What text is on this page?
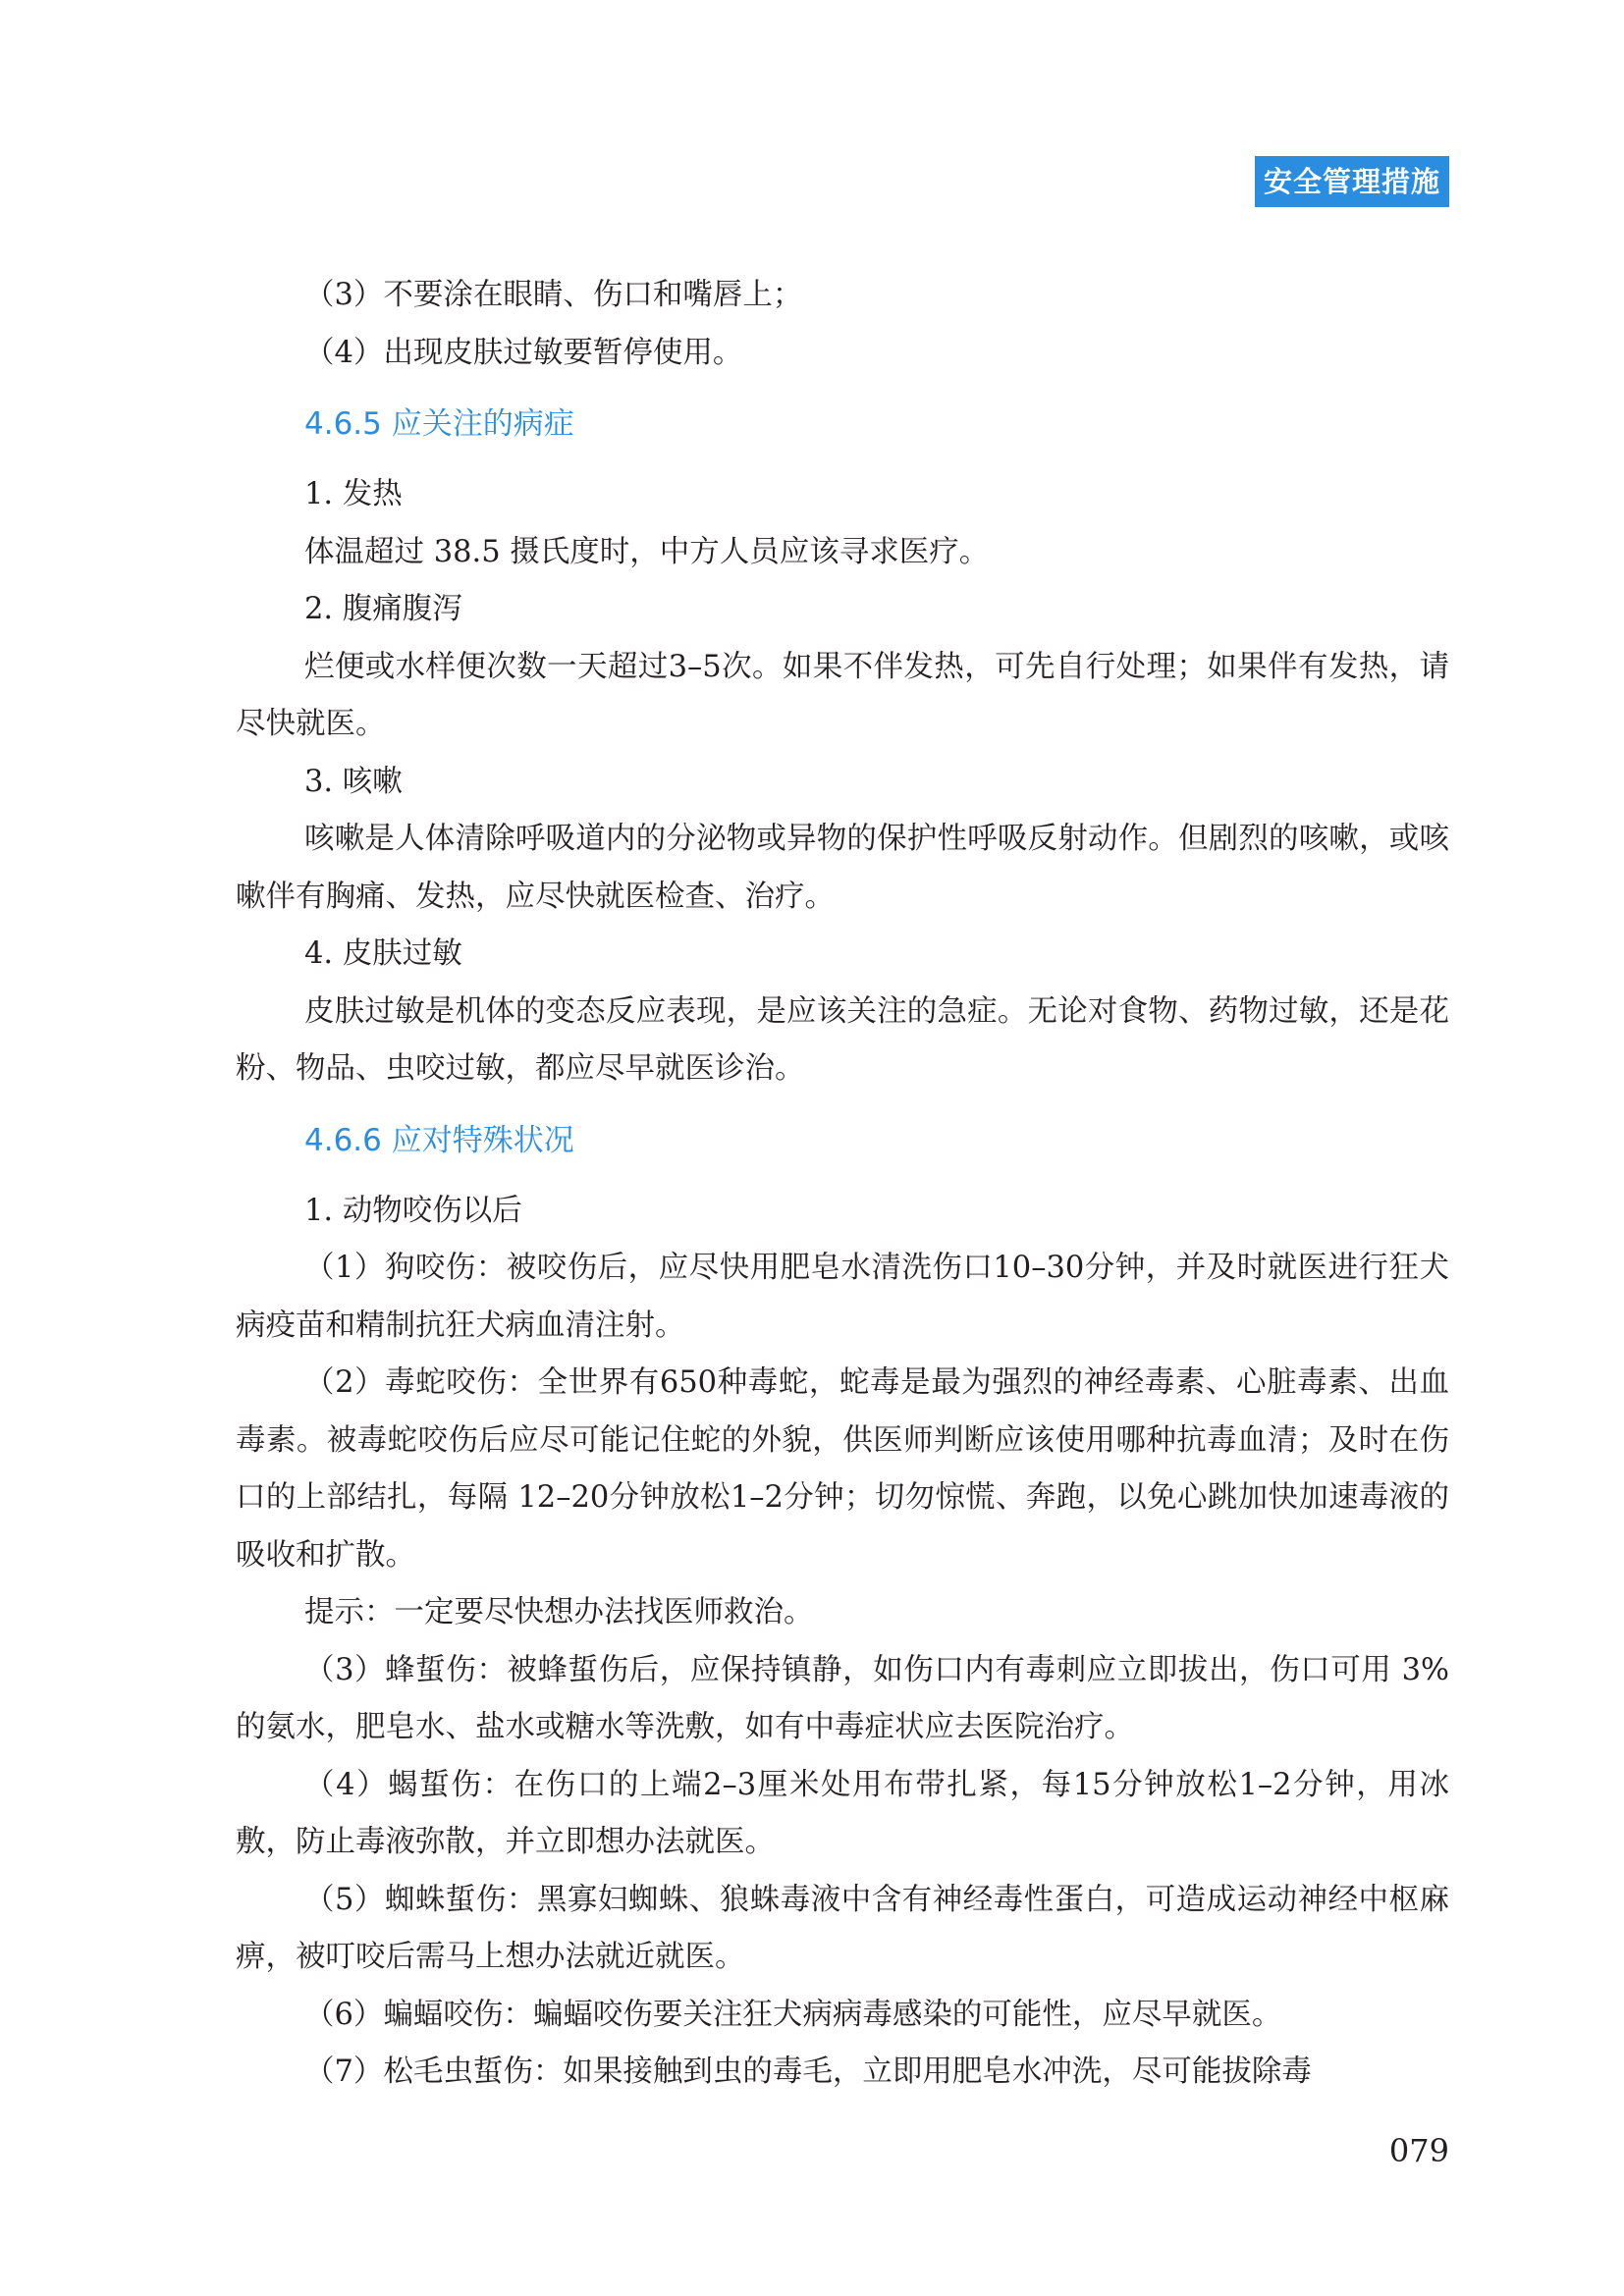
安全管理措施

（3）不要涂在眼睛、伤口和嘴唇上；

（4）出现皮肤过敏要暂停使用。

4.6.5 应关注的病症

1. 发热

体温超过 38.5 摄氏度时，中方人员应该寻求医疗。

2. 腹痛腹泻

烂便或水样便次数一天超过3–5次。如果不伴发热，可先自行处理；如果伴有发热，请尽快就医。

3. 咳嗽

咳嗽是人体清除呼吸道内的分泌物或异物的保护性呼吸反射动作。但剧烈的咳嗽，或咳嗽伴有胸痛、发热，应尽快就医检查、治疗。

4. 皮肤过敏

皮肤过敏是机体的变态反应表现，是应该关注的急症。无论对食物、药物过敏，还是花粉、物品、虫咬过敏，都应尽早就医诊治。

4.6.6 应对特殊状况

1. 动物咬伤以后

（1）狗咬伤：被咬伤后，应尽快用肥皂水清洗伤口10–30分钟，并及时就医进行狂犬病疫苗和精制抗狂犬病血清注射。

（2）毒蛇咬伤：全世界有650种毒蛇，蛇毒是最为强烈的神经毒素、心脏毒素、出血毒素。被毒蛇咬伤后应尽可能记住蛇的外貌，供医师判断应该使用哪种抗毒血清；及时在伤口的上部结扎，每隔 12–20分钟放松1–2分钟；切勿惊慌、奔跑，以免心跳加快加速毒液的吸收和扩散。

提示：一定要尽快想办法找医师救治。

（3）蜂蜇伤：被蜂蜇伤后，应保持镇静，如伤口内有毒刺应立即拔出，伤口可用 3%的氨水，肥皂水、盐水或糖水等洗敷，如有中毒症状应去医院治疗。

（4）蝎蜇伤：在伤口的上端2–3厘米处用布带扎紧，每15分钟放松1–2分钟，用冰敷，防止毒液弥散，并立即想办法就医。

（5）蜘蛛蜇伤：黑寡妇蜘蛛、狼蛛毒液中含有神经毒性蛋白，可造成运动神经中枢麻痹，被叮咬后需马上想办法就近就医。

（6）蝙蝠咬伤：蝙蝠咬伤要关注狂犬病病毒感染的可能性，应尽早就医。

（7）松毛虫蜇伤：如果接触到虫的毒毛，立即用肥皂水冲洗，尽可能拔除毒

079
